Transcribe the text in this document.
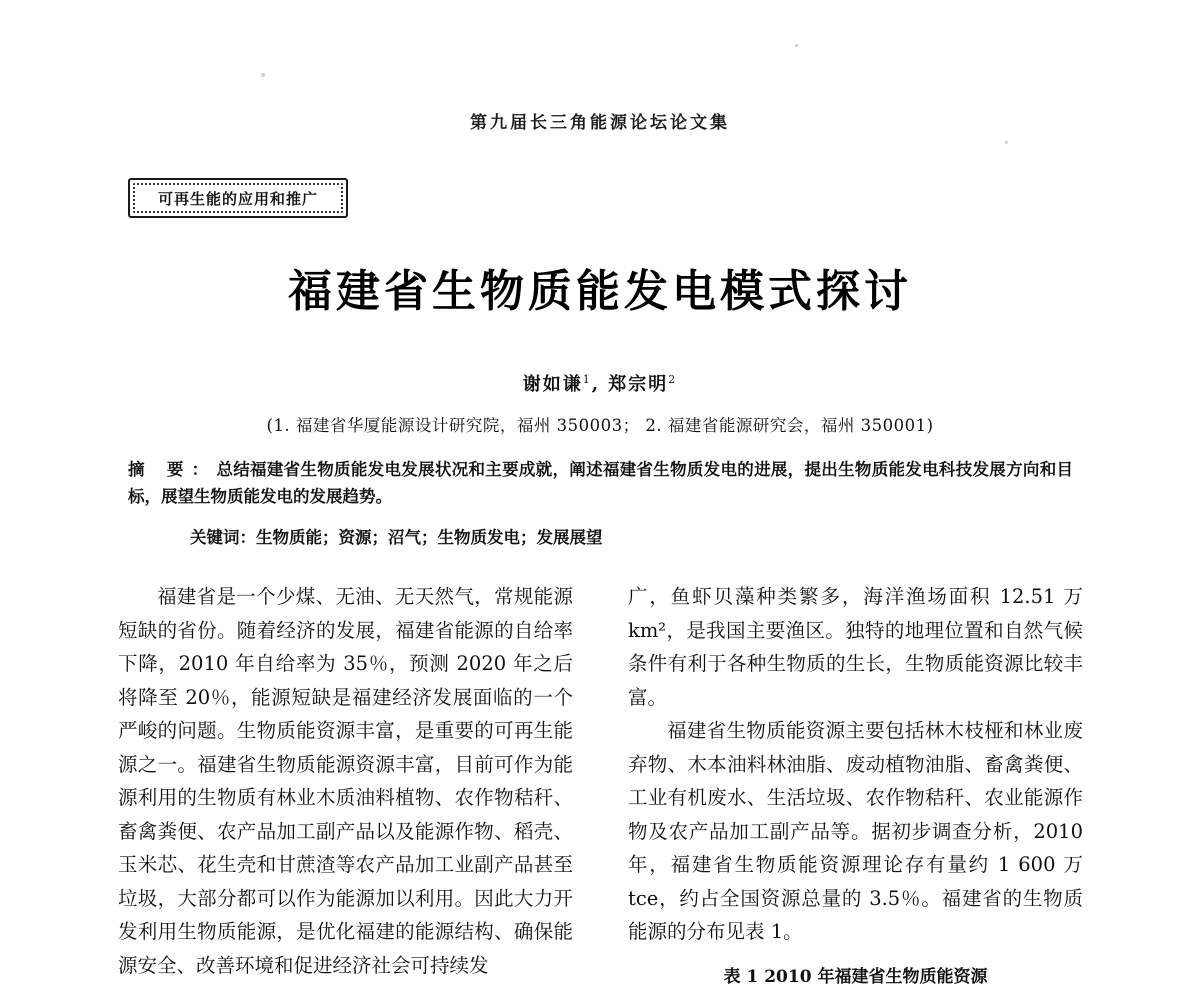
第九届长三角能源论坛论文集
可再生能的应用和推广
福建省生物质能发电模式探讨
谢如谦$^1$, 郑宗明$^2$
(1. 福建省华厦能源设计研究院，福州 350003； 2. 福建省能源研究会，福州 350001)
摘 要：总结福建省生物质能发电发展状况和主要成就，阐述福建省生物质发电的进展，提出生物质能发电科技发展方向和目标，展望生物质能发电的发展趋势。
关键词：生物质能；资源；沼气；生物质发电；发展展望

福建省是一个少煤、无油、无天然气，常规能源短缺的省份。随着经济的发展，福建省能源的自给率下降，2010 年自给率为 35％，预测 2020 年之后将降至 20％，能源短缺是福建经济发展面临的一个严峻的问题。生物质能资源丰富，是重要的可再生能源之一。福建省生物质能源资源丰富，目前可作为能源利用的生物质有林业木质油料植物、农作物秸秆、畜禽粪便、农产品加工副产品以及能源作物、稻壳、玉米芯、花生壳和甘蔗渣等农产品加工业副产品甚至垃圾，大部分都可以作为能源加以利用。因此大力开发利用生物质能源，是优化福建的能源结构、确保能源安全、改善环境和促进经济社会可持续发

广，鱼虾贝藻种类繁多，海洋渔场面积 12.51 万 km²，是我国主要渔区。独特的地理位置和自然气候条件有利于各种生物质的生长，生物质能资源比较丰富。

福建省生物质能资源主要包括林木枝桠和林业废弃物、木本油料林油脂、废动植物油脂、畜禽粪便、工业有机废水、生活垃圾、农作物秸秆、农业能源作物及农产品加工副产品等。据初步调查分析，2010 年，福建省生物质能资源理论存有量约 1 600 万 tce，约占全国资源总量的 3.5％。福建省的生物质能源的分布见表 1。

表 1 2010 年福建省生物质能资源
